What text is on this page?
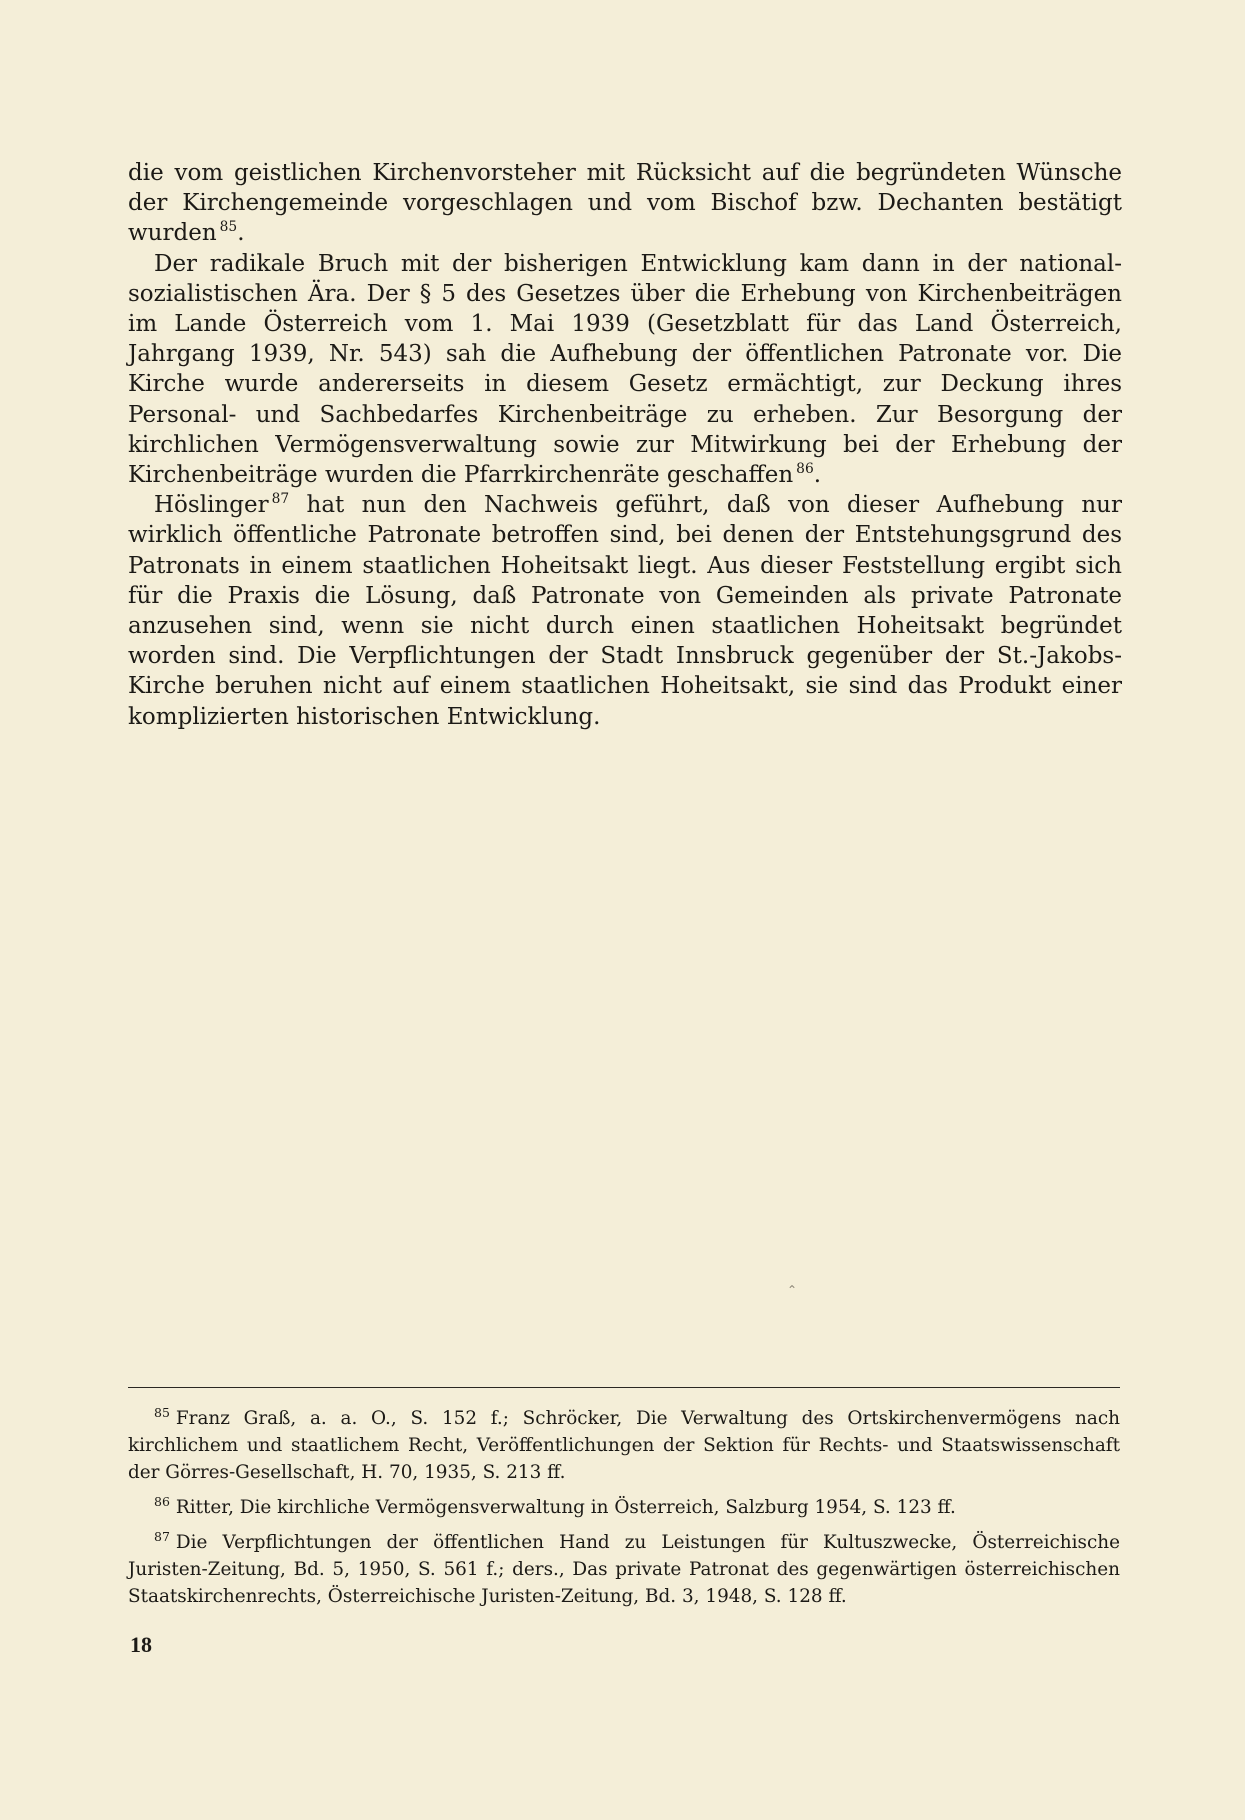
die vom geistlichen Kirchenvorsteher mit Rücksicht auf die begründeten Wünsche der Kirchengemeinde vorgeschlagen und vom Bischof bzw. Dechanten bestätigt wurden $^{85}$.

Der radikale Bruch mit der bisherigen Entwicklung kam dann in der national-sozialistischen Ära. Der § 5 des Gesetzes über die Erhebung von Kirchenbeiträgen im Lande Österreich vom 1. Mai 1939 (Gesetzblatt für das Land Österreich, Jahrgang 1939, Nr. 543) sah die Aufhebung der öffentlichen Patronate vor. Die Kirche wurde andererseits in diesem Gesetz ermächtigt, zur Deckung ihres Personal- und Sachbedarfes Kirchenbeiträge zu erheben. Zur Besorgung der kirchlichen Vermögensverwaltung sowie zur Mitwirkung bei der Erhebung der Kirchenbeiträge wurden die Pfarrkirchenräte geschaffen $^{86}$.

Höslinger $^{87}$ hat nun den Nachweis geführt, daß von dieser Aufhebung nur wirklich öffentliche Patronate betroffen sind, bei denen der Entstehungsgrund des Patronats in einem staatlichen Hoheitsakt liegt. Aus dieser Feststellung ergibt sich für die Praxis die Lösung, daß Patronate von Gemeinden als private Patronate anzusehen sind, wenn sie nicht durch einen staatlichen Hoheitsakt begründet worden sind. Die Verpflichtungen der Stadt Innsbruck gegenüber der St.-Jakobs-Kirche beruhen nicht auf einem staatlichen Hoheitsakt, sie sind das Produkt einer komplizierten historischen Entwicklung.

$^{85}$ Franz Graß, a. a. O., S. 152 f.; Schröcker, Die Verwaltung des Ortskirchenvermögens nach kirchlichem und staatlichem Recht, Veröffentlichungen der Sektion für Rechts- und Staatswissenschaft der Görres-Gesellschaft, H. 70, 1935, S. 213 ff.

$^{86}$ Ritter, Die kirchliche Vermögensverwaltung in Österreich, Salzburg 1954, S. 123 ff.

$^{87}$ Die Verpflichtungen der öffentlichen Hand zu Leistungen für Kultuszwecke, Österreichische Juristen-Zeitung, Bd. 5, 1950, S. 561 f.; ders., Das private Patronat des gegenwärtigen österreichischen Staatskirchenrechts, Österreichische Juristen-Zeitung, Bd. 3, 1948, S. 128 ff.

18
⌃
